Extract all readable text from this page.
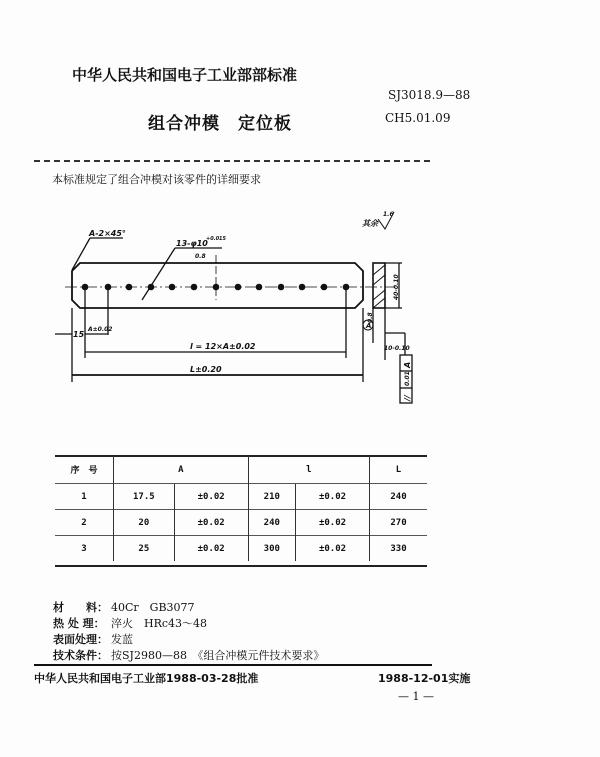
中华人民共和国电子工业部部标准
SJ3018.9—88
CH5.01.09
组合冲模　定位板
本标准规定了组合冲模对该零件的详细要求
其余
1.6
A-2×45°
13-φ10
+0.015
0.8
15
A±0.02
l = 12×A±0.02
L±0.20
A
40-0.10
0.8
10-0.10
A
0.01
//
序　号	A		l		L
1	17.5	±0.02	210	±0.02	240
2	20	±0.02	240	±0.02	270
3	25	±0.02	300	±0.02	330
材　　料： 40Cr　GB3077
热 处 理： 淬火　HRc43～48
表面处理： 发蓝
技术条件： 按SJ2980—88　《组合冲模元件技术要求》
中华人民共和国电子工业部1988-03-28批准	1988-12-01实施
— 1 —
